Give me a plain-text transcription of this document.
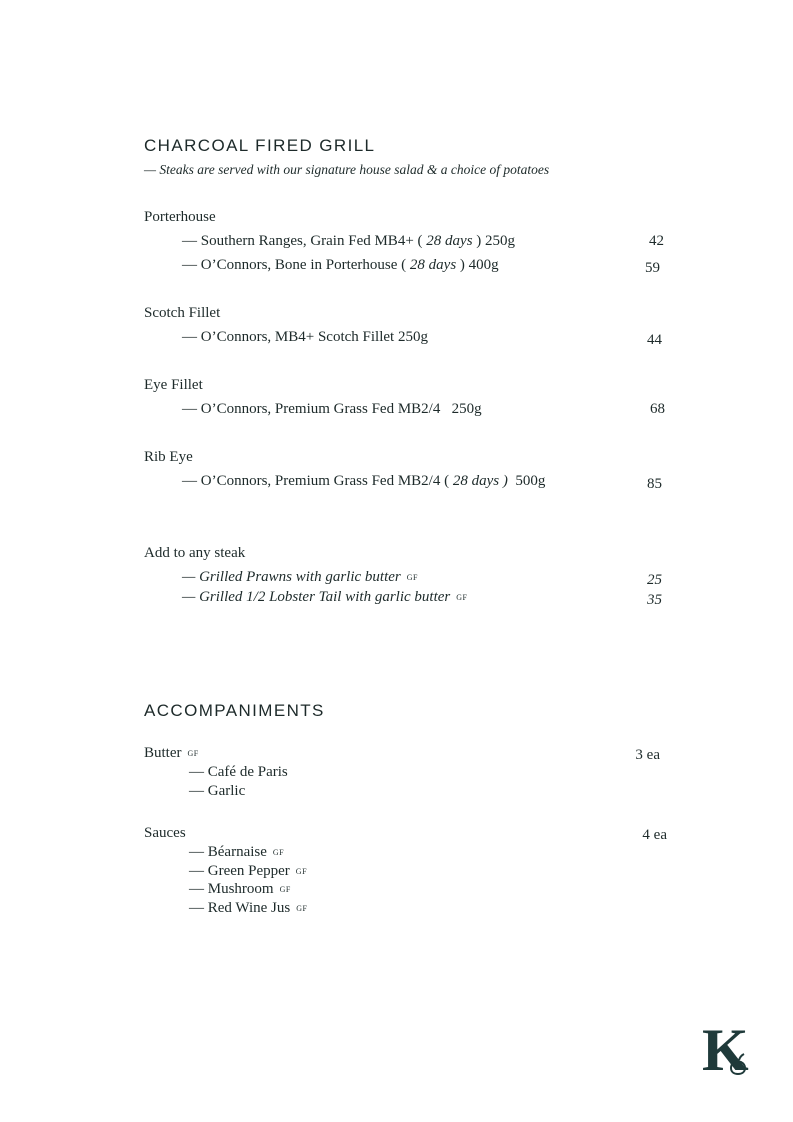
CHARCOAL FIRED GRILL
— Steaks are served with our signature house salad & a choice of potatoes
Porterhouse
— Southern Ranges, Grain Fed MB4+ ( 28 days ) 250g	42
— O’Connors, Bone in Porterhouse ( 28 days ) 400g	59
Scotch Fillet
— O’Connors, MB4+ Scotch Fillet 250g	44
Eye Fillet
— O’Connors, Premium Grass Fed MB2/4   250g	68
Rib Eye
— O’Connors, Premium Grass Fed MB2/4 ( 28 days )  500g	85
Add to any steak
— Grilled Prawns with garlic butter GF	25
— Grilled 1/2 Lobster Tail with garlic butter GF	35
ACCOMPANIMENTS
Butter GF	3 ea
— Café de Paris
— Garlic
Sauces	4 ea
— Béarnaise GF
— Green Pepper GF
— Mushroom GF
— Red Wine Jus GF
K
